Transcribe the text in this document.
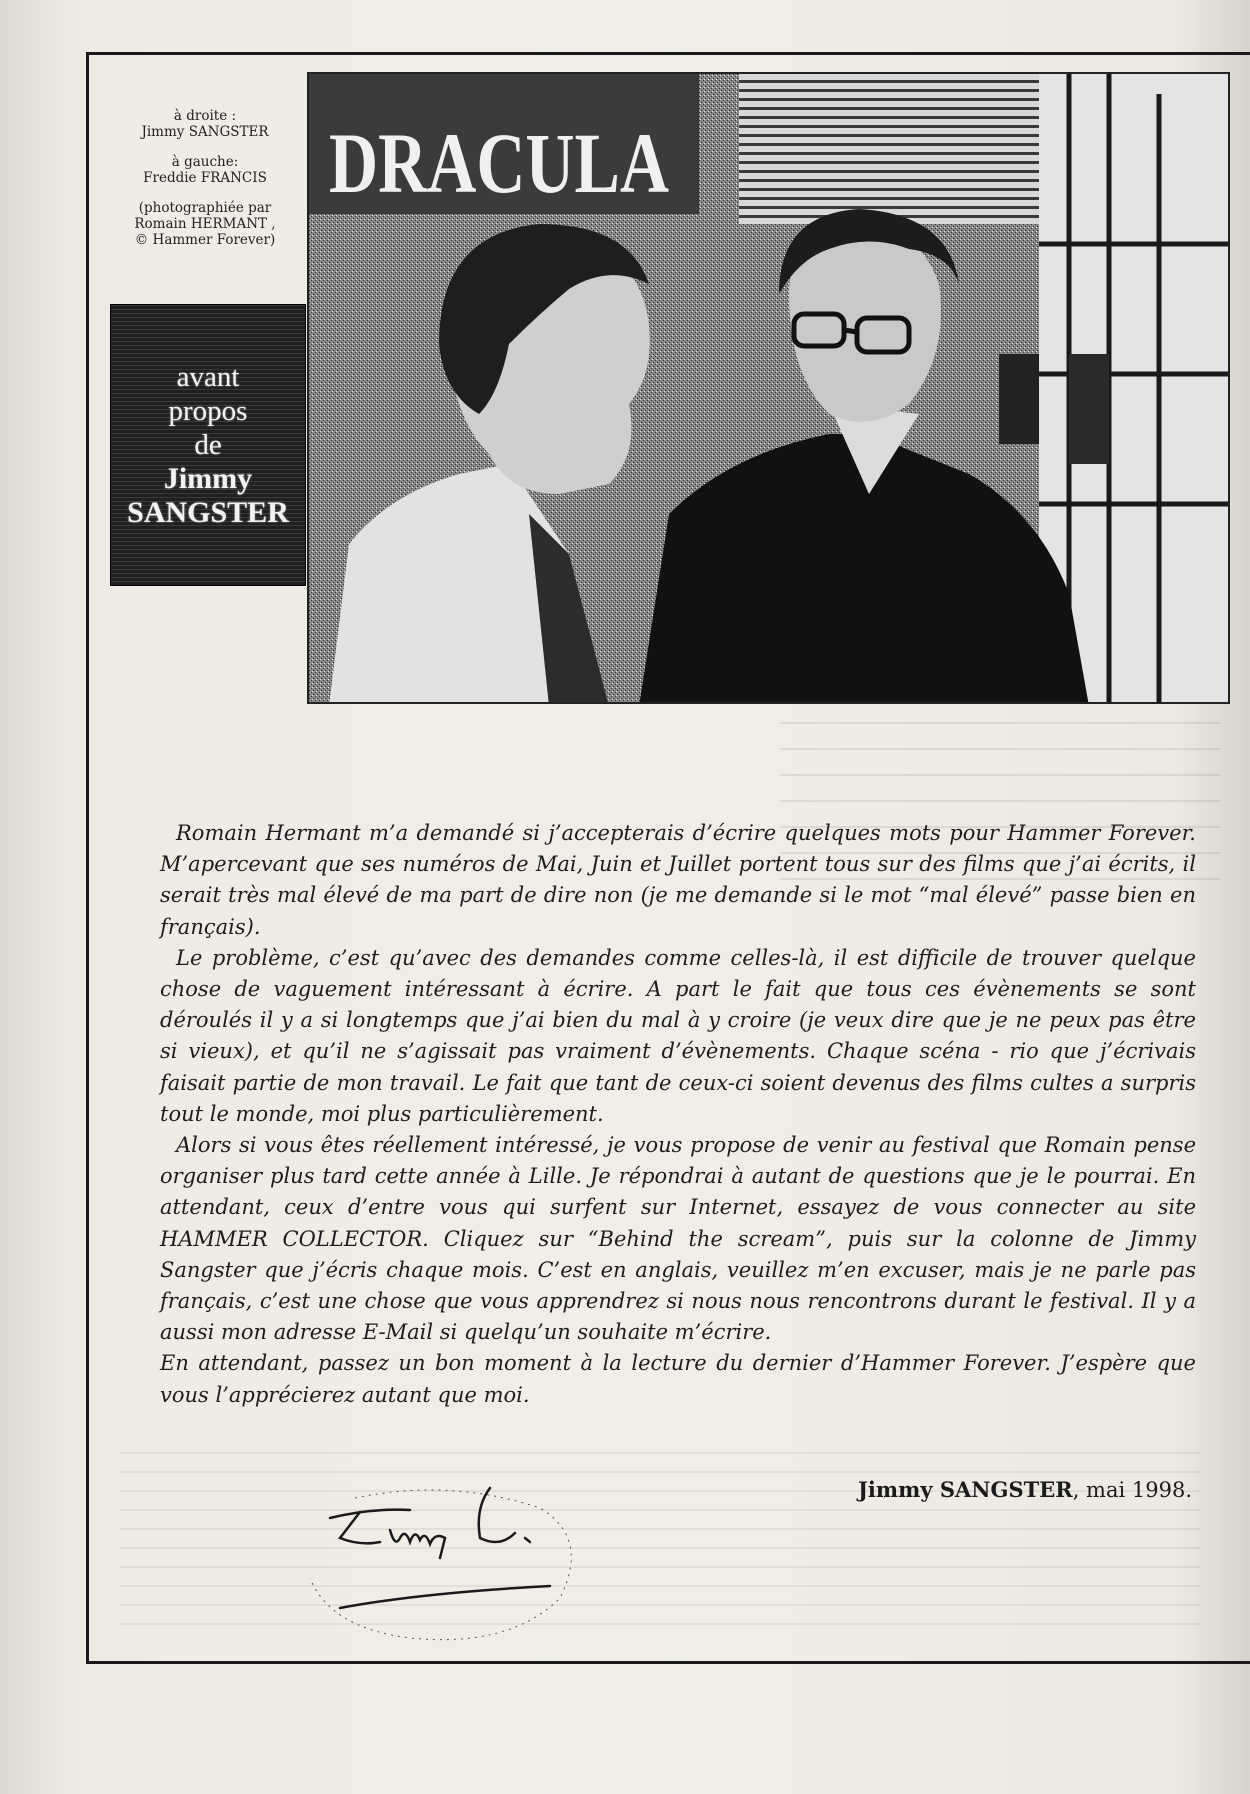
à droite :
Jimmy SANGSTER

à gauche:
Freddie FRANCIS

(photographiée par
Romain HERMANT ,
© Hammer Forever)

avant
propos
de
Jimmy
SANGSTER
DRACULA

Romain Hermant m’a demandé si j’accepterais d’écrire quelques mots pour Hammer Forever. M’apercevant que ses numéros de Mai, Juin et Juillet portent tous sur des films que j’ai écrits, il serait très mal élevé de ma part de dire non (je me demande si le mot “mal élevé” passe bien en français).

Le problème, c’est qu’avec des demandes comme celles-là, il est difficile de trouver quelque chose de vaguement intéressant à écrire. A part le fait que tous ces évènements se sont déroulés il y a si longtemps que j’ai bien du mal à y croire (je veux dire que je ne peux pas être si vieux), et qu’il ne s’agissait pas vraiment d’évènements. Chaque scéna - rio que j’écrivais faisait partie de mon travail. Le fait que tant de ceux-ci soient devenus des films cultes a surpris tout le monde, moi plus particulièrement.

Alors si vous êtes réellement intéressé, je vous propose de venir au festival que Romain pense organiser plus tard cette année à Lille. Je répondrai à autant de questions que je le pourrai. En attendant, ceux d’entre vous qui surfent sur Internet, essayez de vous connecter au site HAMMER COLLECTOR. Cliquez sur “Behind the scream”, puis sur la colonne de Jimmy Sangster que j’écris chaque mois. C’est en anglais, veuillez m’en excuser, mais je ne parle pas français, c’est une chose que vous apprendrez si nous nous rencontrons durant le festival. Il y a aussi mon adresse E-Mail si quelqu’un souhaite m’écrire.

En attendant, passez un bon moment à la lecture du dernier d’Hammer Forever. J’espère que vous l’apprécierez autant que moi.

Jimmy SANGSTER, mai 1998.
